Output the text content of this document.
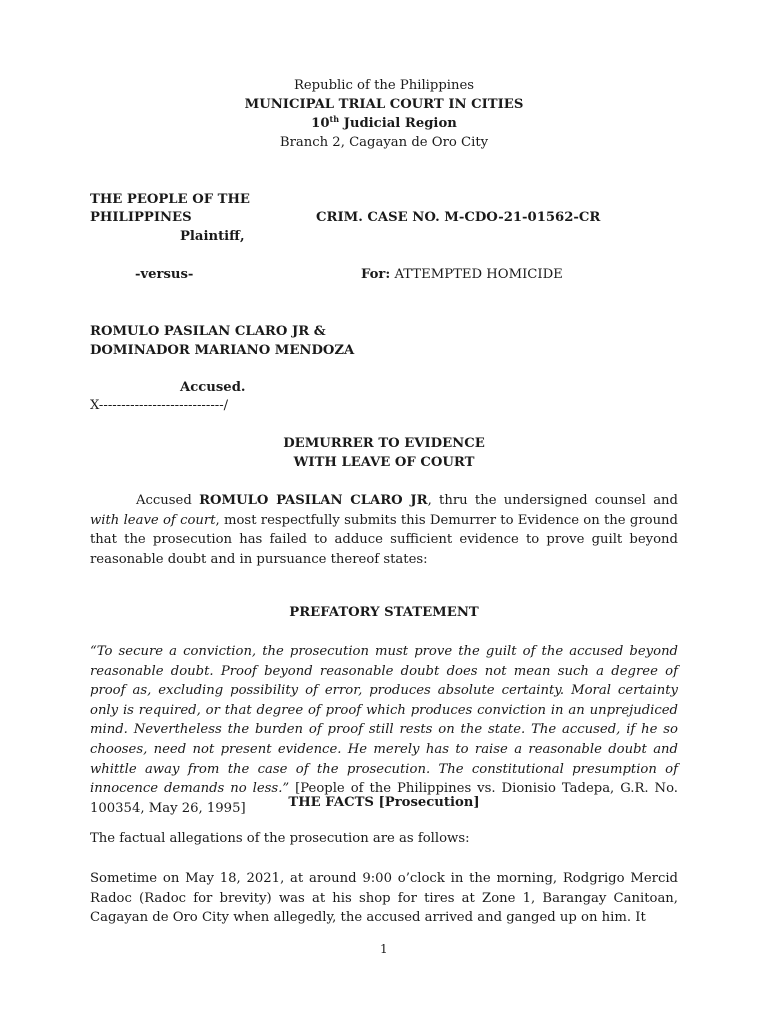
Republic of the Philippines
MUNICIPAL TRIAL COURT IN CITIES
10th Judicial Region
Branch 2, Cagayan de Oro City
THE PEOPLE OF THE
PHILIPPINES	CRIM. CASE NO. M-CDO-21-01562-CR
Plaintiff,
-versus-	For: ATTEMPTED HOMICIDE
ROMULO PASILAN CLARO JR &
DOMINADOR MARIANO MENDOZA
Accused.
X----------------------------/
DEMURRER TO EVIDENCE
WITH LEAVE OF COURT
Accused ROMULO PASILAN CLARO JR, thru the undersigned counsel and with leave of court, most respectfully submits this Demurrer to Evidence on the ground that the prosecution has failed to adduce sufficient evidence to prove guilt beyond reasonable doubt and in pursuance thereof states:
PREFATORY STATEMENT
“To secure a conviction, the prosecution must prove the guilt of the accused beyond reasonable doubt. Proof beyond reasonable doubt does not mean such a degree of proof as, excluding possibility of error, produces absolute certainty. Moral certainty only is required, or that degree of proof which produces conviction in an unprejudiced mind. Nevertheless the burden of proof still rests on the state. The accused, if he so chooses, need not present evidence. He merely has to raise a reasonable doubt and whittle away from the case of the prosecution. The constitutional presumption of innocence demands no less.” [People of the Philippines vs. Dionisio Tadepa, G.R. No. 100354, May 26, 1995]	THE FACTS [Prosecution]
The factual allegations of the prosecution are as follows:
Sometime on May 18, 2021, at around 9:00 o’clock in the morning, Rodgrigo Mercid Radoc (Radoc for brevity) was at his shop for tires at Zone 1, Barangay Canitoan, Cagayan de Oro City when allegedly, the accused arrived and ganged up on him. It
1
